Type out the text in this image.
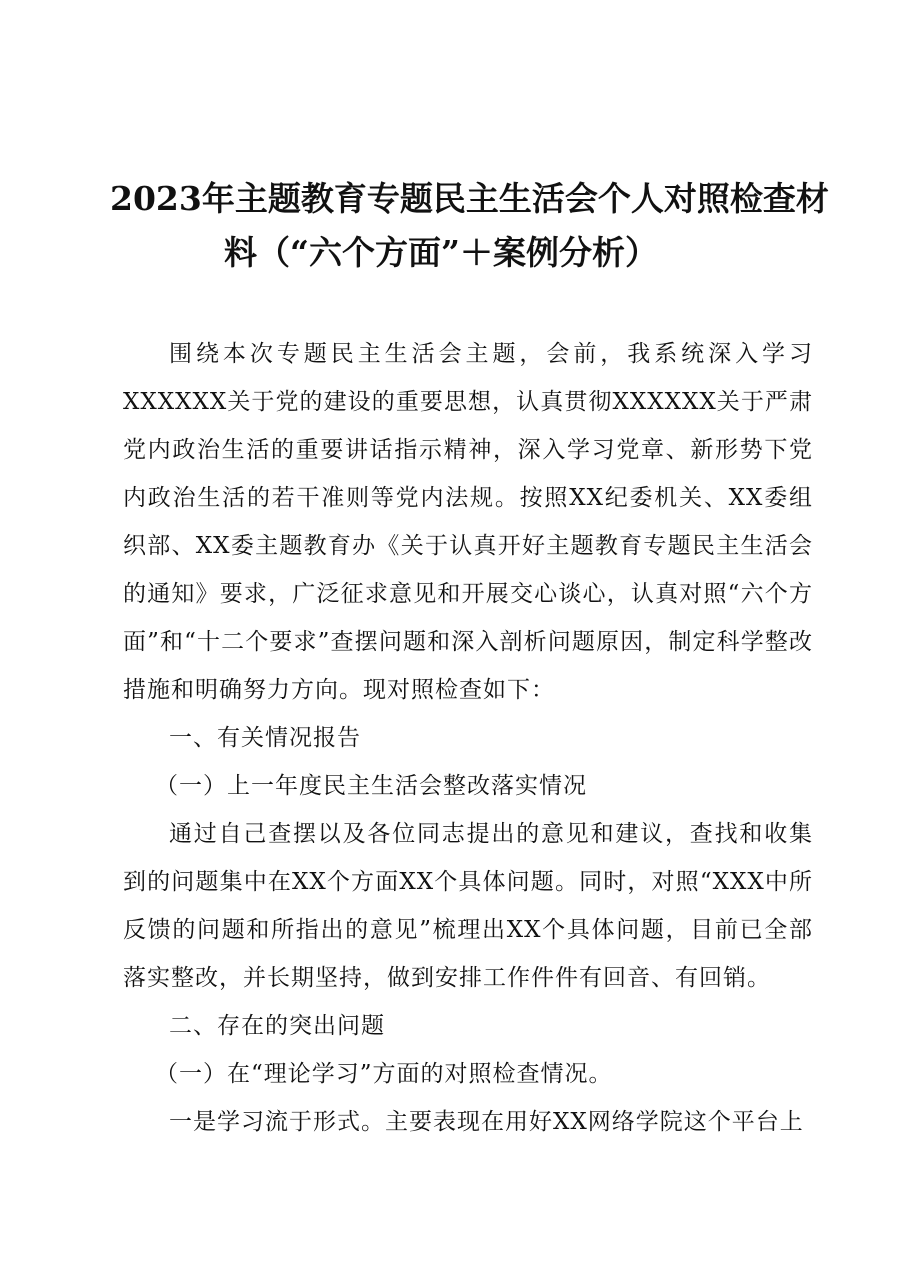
2023年主题教育专题民主生活会个人对照检查材
料（“六个方面”＋案例分析）

围绕本次专题民主生活会主题，会前，我系统深入学习XXXXXX关于党的建设的重要思想，认真贯彻XXXXXX关于严肃党内政治生活的重要讲话指示精神，深入学习党章、新形势下党内政治生活的若干准则等党内法规。按照XX纪委机关、XX委组织部、XX委主题教育办《关于认真开好主题教育专题民主生活会的通知》要求，广泛征求意见和开展交心谈心，认真对照“六个方面”和“十二个要求”查摆问题和深入剖析问题原因，制定科学整改措施和明确努力方向。现对照检查如下：

一、有关情况报告

（一）上一年度民主生活会整改落实情况

通过自己查摆以及各位同志提出的意见和建议，查找和收集到的问题集中在XX个方面XX个具体问题。同时，对照“XXX中所反馈的问题和所指出的意见”梳理出XX个具体问题，目前已全部落实整改，并长期坚持，做到安排工作件件有回音、有回销。

二、存在的突出问题

（一）在“理论学习”方面的对照检查情况。

一是学习流于形式。主要表现在用好XX网络学院这个平台上
